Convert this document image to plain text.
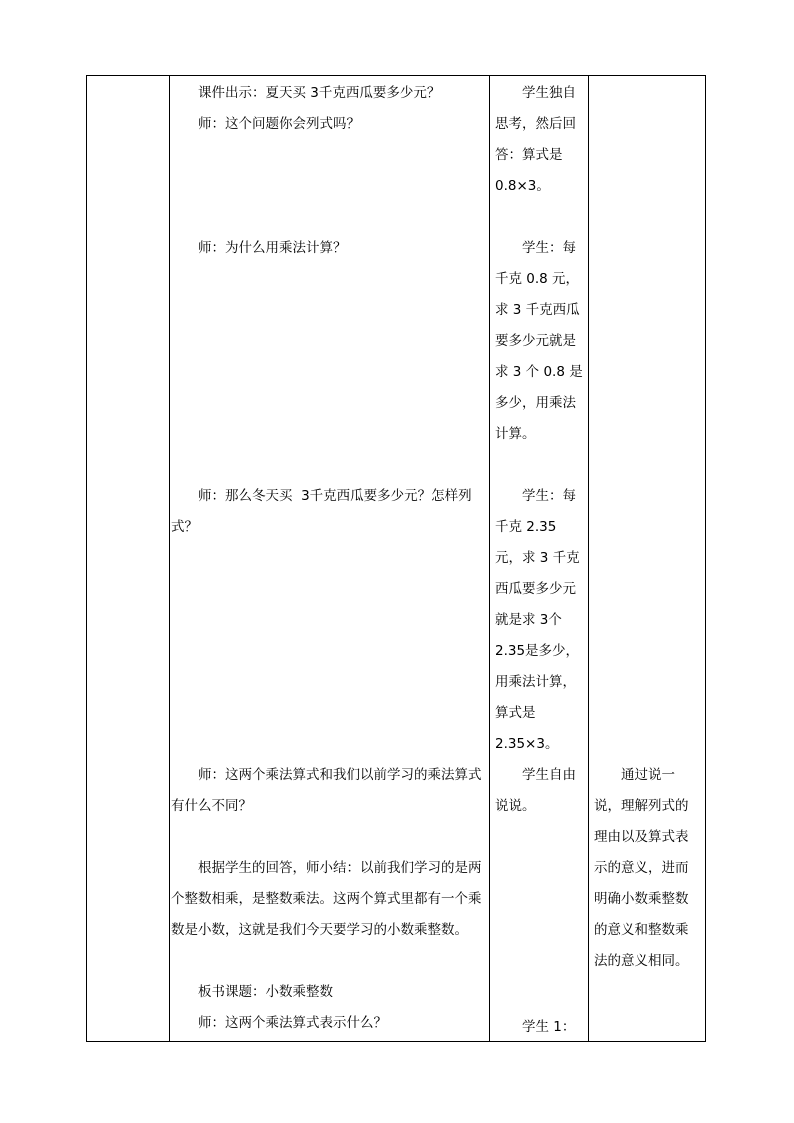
课件出示：夏天买 3千克西瓜要多少元？

师：这个问题你会列式吗？

师：为什么用乘法计算？

师：那么冬天买  3千克西瓜要多少元？怎样列式？

师：这两个乘法算式和我们以前学习的乘法算式有什么不同？

根据学生的回答，师小结：以前我们学习的是两个整数相乘，是整数乘法。这两个算式里都有一个乘数是小数，这就是我们今天要学习的小数乘整数。

板书课题：小数乘整数

师：这两个乘法算式表示什么？

学生独自思考，然后回答：算式是 0.8×3。

学生：每千克 0.8 元，求 3 千克西瓜要多少元就是求 3 个 0.8 是多少，用乘法计算。

学生：每千克 2.35元，求 3 千克西瓜要多少元就是求 3个 2.35是多少，用乘法计算，算式是 2.35×3。

学生自由说说。

学生 1：

通过说一说，理解列式的理由以及算式表示的意义，进而明确小数乘整数的意义和整数乘法的意义相同。
